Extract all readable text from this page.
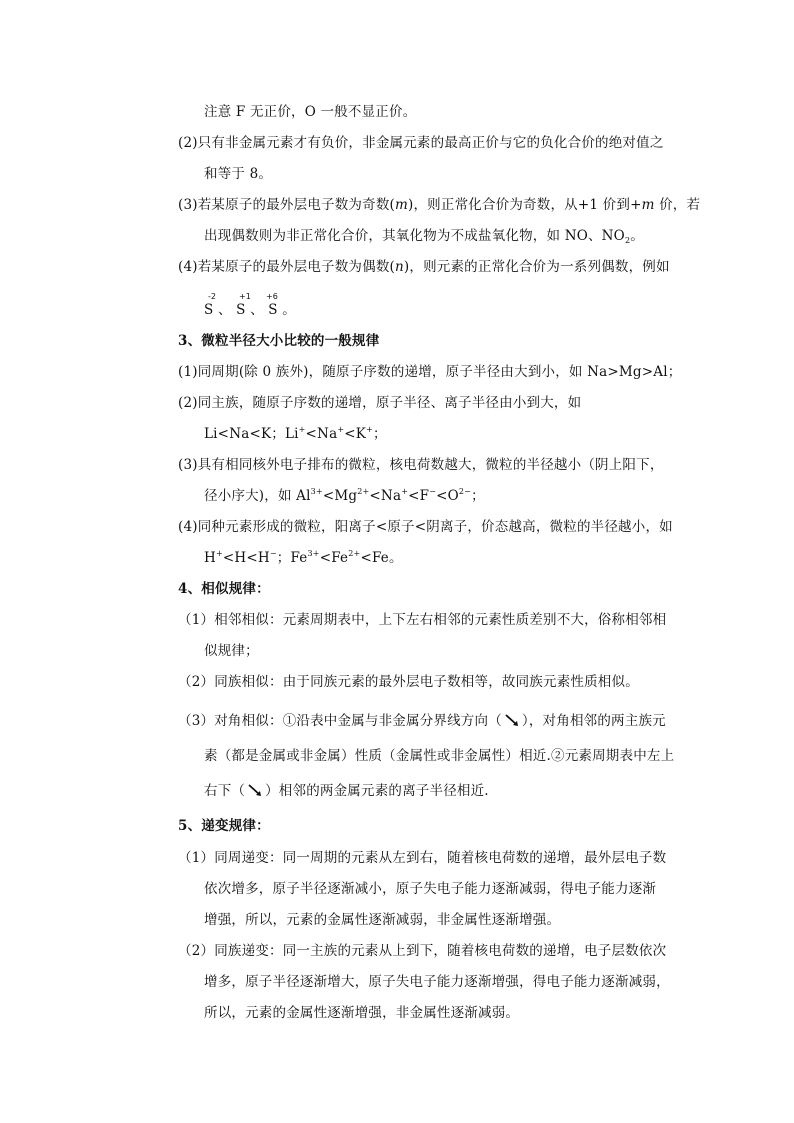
注意 F 无正价，O 一般不显正价。
(2)只有非金属元素才有负价，非金属元素的最高正价与它的负化合价的绝对值之
和等于 8。
(3)若某原子的最外层电子数为奇数(m)，则正常化合价为奇数，从+1 价到+m 价，若
出现偶数则为非正常化合价，其氧化物为不成盐氧化物，如 NO、$NO_2$。
(4)若某原子的最外层电子数为偶数(n)，则元素的正常化合价为一系列偶数，例如
-2	+1 +6
S 、 S 、 S 。
3、微粒半径大小比较的一般规律
(1)同周期(除 0 族外)，随原子序数的递增，原子半径由大到小，如 Na>Mg>Al；
(2)同主族，随原子序数的递增，原子半径、离子半径由小到大，如
Li<Na<K；Li+<Na+<K+；
(3)具有相同核外电子排布的微粒，核电荷数越大，微粒的半径越小（阴上阳下，
径小序大)，如 $Al^{3+}<Mg^{2+}<Na^+<F^-<O^{2-}$；
(4)同种元素形成的微粒，阳离子<原子<阴离子，价态越高，微粒的半径越小，如
H+<H<H−；$Fe^{3+}<Fe^{2+}<Fe$。
4、相似规律：
（1）相邻相似：元素周期表中，上下左右相邻的元素性质差别不大，俗称相邻相
似规律；
（2）同族相似：由于同族元素的最外层电子数相等，故同族元素性质相似。
（3）对角相似：①沿表中金属与非金属分界线方向（ ），对角相邻的两主族元
素（都是金属或非金属）性质（金属性或非金属性）相近.②元素周期表中左上
右下（ ）相邻的两金属元素的离子半径相近.
5、递变规律：
（1）同周递变：同一周期的元素从左到右，随着核电荷数的递增，最外层电子数
依次增多，原子半径逐渐减小，原子失电子能力逐渐减弱，得电子能力逐渐
增强，所以，元素的金属性逐渐减弱，非金属性逐渐增强。
（2）同族递变：同一主族的元素从上到下，随着核电荷数的递增，电子层数依次
增多，原子半径逐渐增大，原子失电子能力逐渐增强，得电子能力逐渐减弱，
所以，元素的金属性逐渐增强，非金属性逐渐减弱。
